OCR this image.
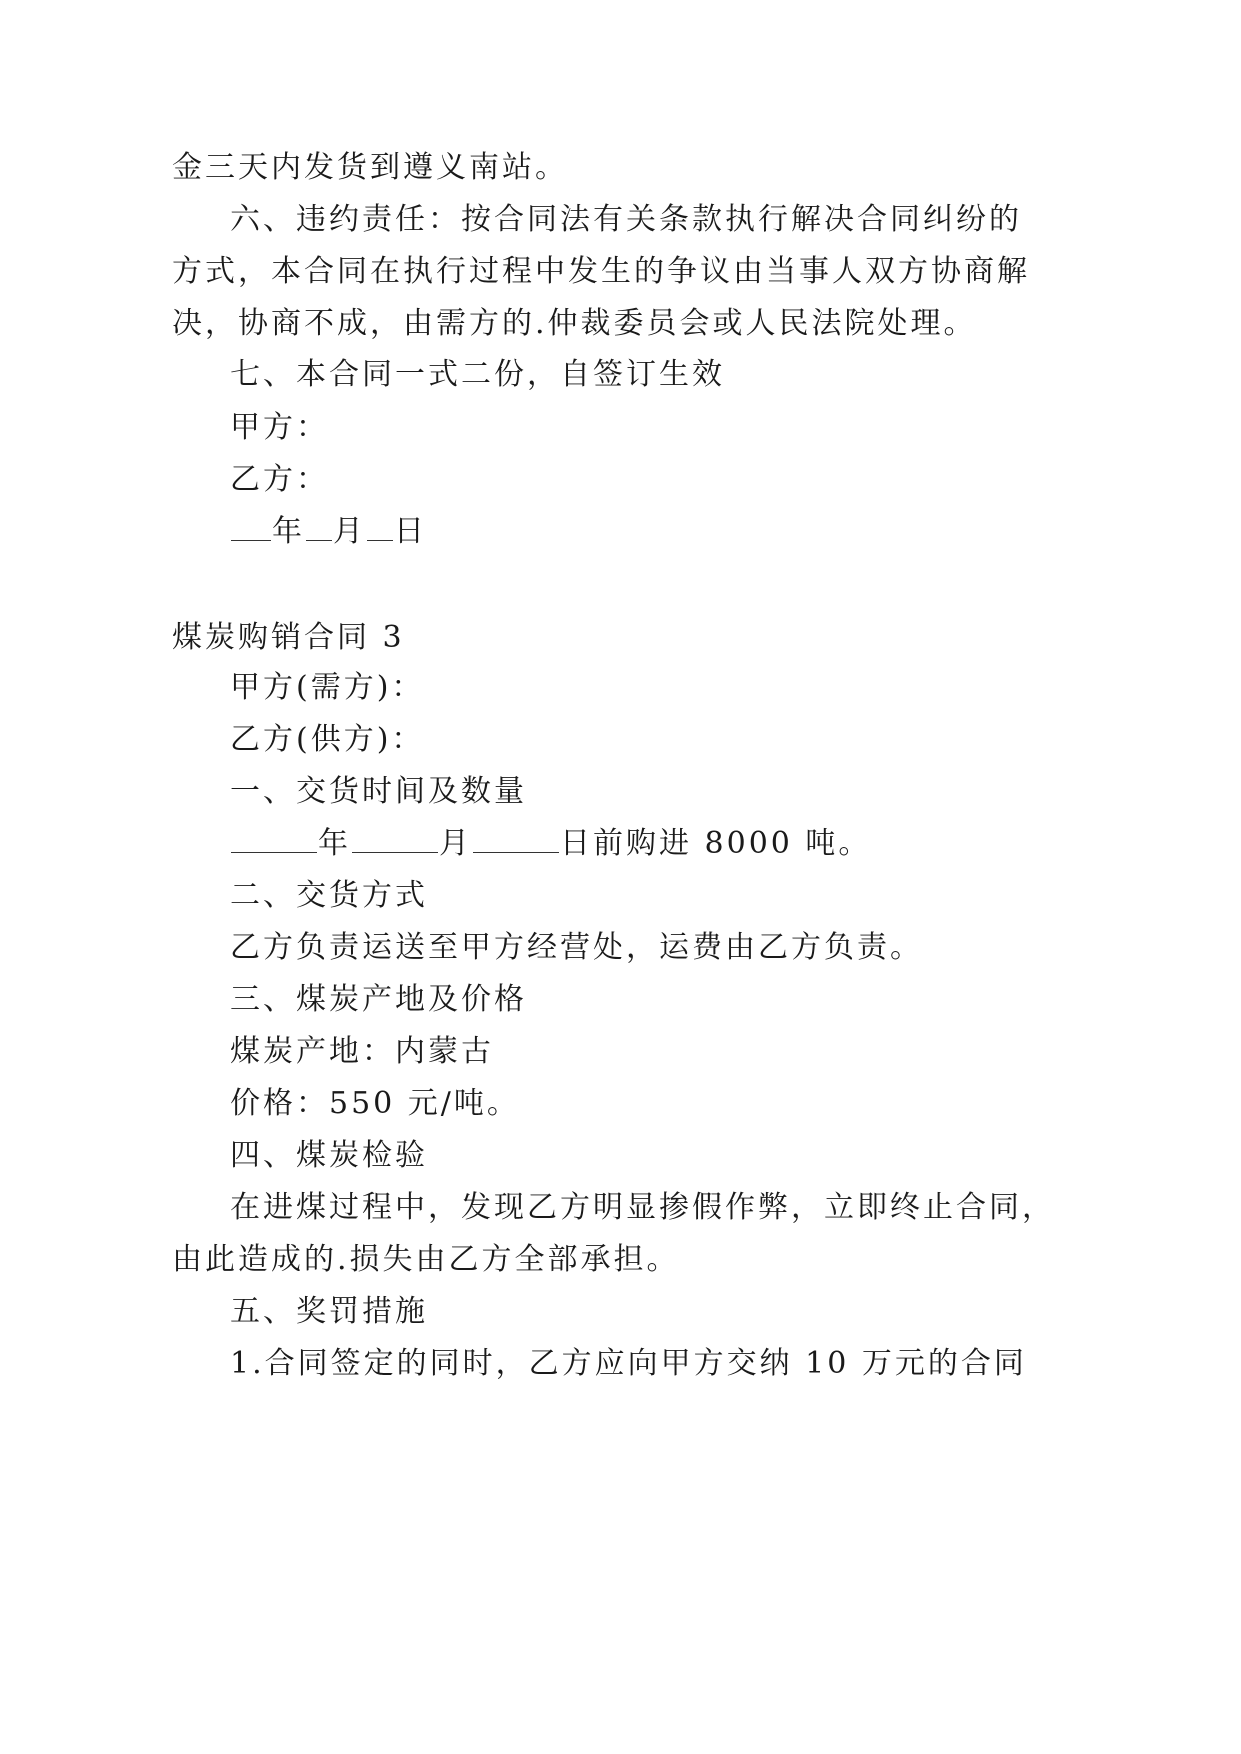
金三天内发货到遵义南站。
六、违约责任：按合同法有关条款执行解决合同纠纷的
方式，本合同在执行过程中发生的争议由当事人双方协商解
决，协商不成，由需方的.仲裁委员会或人民法院处理。
七、本合同一式二份，自签订生效
甲方：
乙方：
年 月 日
煤炭购销合同 3
甲方(需方)：
乙方(供方)：
一、交货时间及数量
年	月	日前购进 8000 吨。
二、交货方式
乙方负责运送至甲方经营处，运费由乙方负责。
三、煤炭产地及价格
煤炭产地：内蒙古
价格：550 元/吨。
四、煤炭检验
在进煤过程中，发现乙方明显掺假作弊，立即终止合同，
由此造成的.损失由乙方全部承担。
五、奖罚措施
1.合同签定的同时，乙方应向甲方交纳 10 万元的合同
